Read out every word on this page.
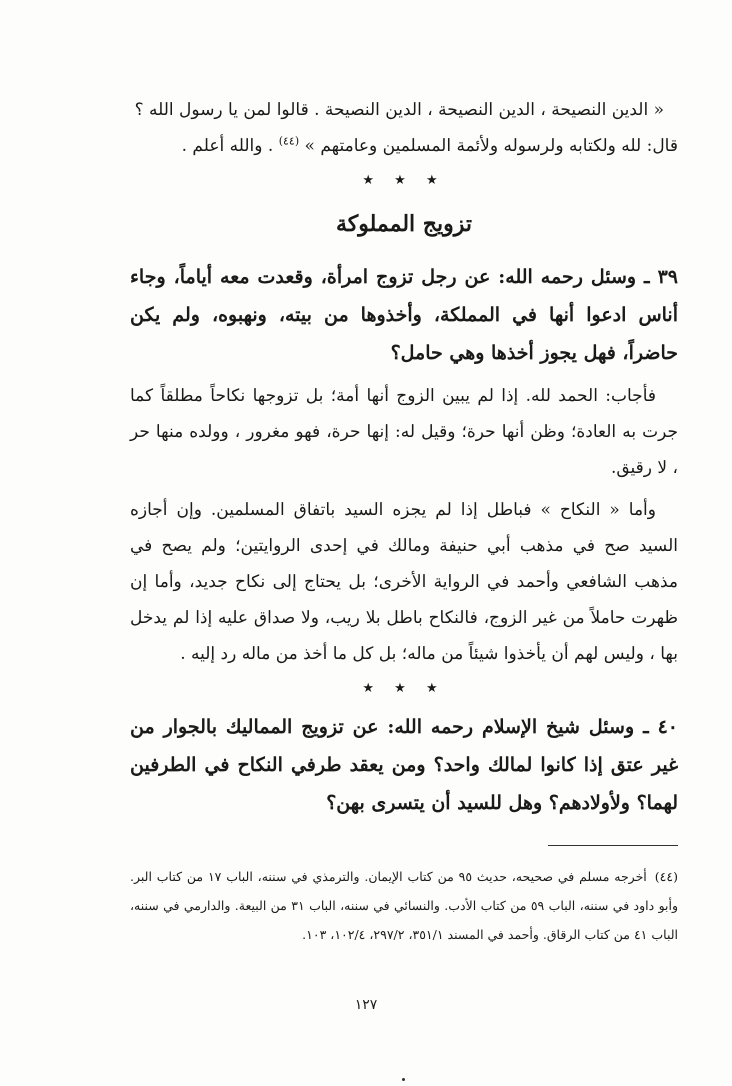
« الدين النصيحة ، الدين النصيحة ، الدين النصيحة . قالوا لمن يا رسول الله ؟

قال: لله ولكتابه ولرسوله ولأئمة المسلمين وعامتهم » $^{(٤٤)}$ . والله أعلم .

★ ★ ★
تزويج المملوكة

٣٩ ـ وسئل رحمه الله: عن رجل تزوج امرأة، وقعدت معه أياماً، وجاء أناس ادعوا أنها في المملكة، وأخذوها من بيته، ونهبوه، ولم يكن حاضراً، فهل يجوز أخذها وهي حامل؟

فأجاب: الحمد لله. إذا لم يبين الزوج أنها أمة؛ بل تزوجها نكاحاً مطلقاً كما جرت به العادة؛ وظن أنها حرة؛ وقيل له: إنها حرة، فهو مغرور ، وولده منها حر ، لا رقيق.

وأما « النكاح » فباطل إذا لم يجزه السيد باتفاق المسلمين. وإن أجازه السيد صح في مذهب أبي حنيفة ومالك في إحدى الروايتين؛ ولم يصح في مذهب الشافعي وأحمد في الرواية الأخرى؛ بل يحتاج إلى نكاح جديد، وأما إن ظهرت حاملاً من غير الزوج، فالنكاح باطل بلا ريب، ولا صداق عليه إذا لم يدخل بها ، وليس لهم أن يأخذوا شيئاً من ماله؛ بل كل ما أخذ من ماله رد إليه .

★ ★ ★

٤٠ ـ وسئل شيخ الإسلام رحمه الله: عن تزويج المماليك بالجوار من غير عتق إذا كانوا لمالك واحد؟ ومن يعقد طرفي النكاح في الطرفين لهما؟ ولأولادهم؟ وهل للسيد أن يتسرى بهن؟

(٤٤)أخرجه مسلم في صحيحه، حديث ٩٥ من كتاب الإيمان. والترمذي في سننه، الباب ١٧ من كتاب البر. وأبو داود في سننه، الباب ٥٩ من كتاب الأدب. والنسائي في سننه، الباب ٣١ من البيعة. والدارمي في سننه، الباب ٤١ من كتاب الرقاق. وأحمد في المسند ٣٥١/١، ٢٩٧/٢، ١٠٢/٤، ١٠٣.
١٢٧
